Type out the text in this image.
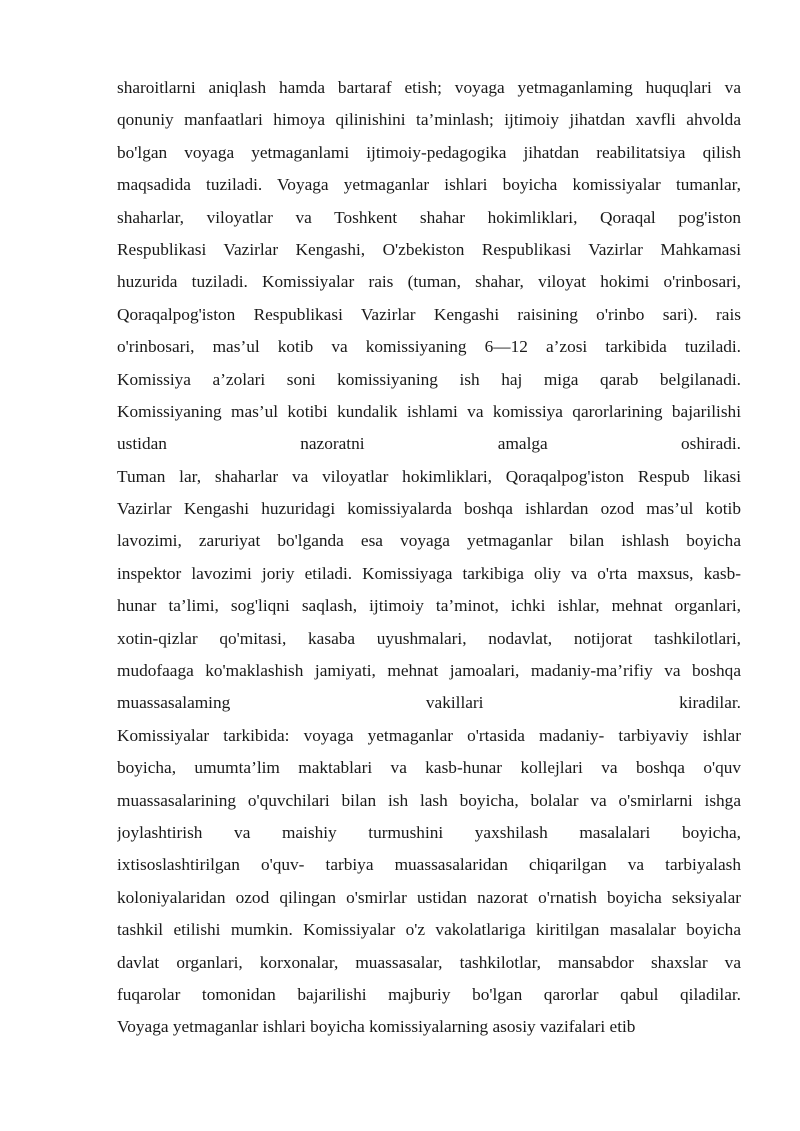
sharoitlarni aniqlash hamda bartaraf etish; voyaga yetmaganlaming huquqlari va
qonuniy manfaatlari himoya qilinishini ta’minlash; ijtimoiy jihatdan xavfli ahvolda
bo'lgan voyaga yetmaganlami ijtimoiy-pedagogika jihatdan reabilitatsiya qilish
maqsadida tuziladi. Voyaga yetmaganlar ishlari boyicha komissiyalar tumanlar,
shaharlar, viloyatlar va Toshkent shahar hokimliklari, Qoraqal pog'iston
Respublikasi Vazirlar Kengashi, O'zbekiston Respublikasi Vazirlar Mahkamasi
huzurida tuziladi. Komissiyalar rais (tuman, shahar, viloyat hokimi o'rinbosari,
Qoraqalpog'iston Respublikasi Vazirlar Kengashi raisining o'rinbo sari). rais
o'rinbosari, mas’ul kotib va komissiyaning 6—12 a’zosi tarkibida tuziladi.
Komissiya a’zolari soni komissiyaning ish haj miga qarab belgilanadi.
Komissiyaning mas’ul kotibi kundalik ishlami va komissiya qarorlarining bajarilishi
ustidan nazoratni amalga oshiradi.
Tuman lar, shaharlar va viloyatlar hokimliklari, Qoraqalpog'iston Respub likasi
Vazirlar Kengashi huzuridagi komissiyalarda boshqa ishlardan ozod mas’ul kotib
lavozimi, zaruriyat bo'lganda esa voyaga yetmaganlar bilan ishlash boyicha
inspektor lavozimi joriy etiladi. Komissiyaga tarkibiga oliy va o'rta maxsus, kasb-
hunar ta’limi, sog'liqni saqlash, ijtimoiy ta’minot, ichki ishlar, mehnat organlari,
xotin-qizlar qo'mitasi, kasaba uyushmalari, nodavlat, notijorat tashkilotlari,
mudofaaga ko'maklashish jamiyati, mehnat jamoalari, madaniy-ma’rifiy va boshqa
muassasalaming vakillari kiradilar.
Komissiyalar tarkibida: voyaga yetmaganlar o'rtasida madaniy- tarbiyaviy ishlar
boyicha, umumta’lim maktablari va kasb-hunar kollejlari va boshqa o'quv
muassasalarining o'quvchilari bilan ish lash boyicha, bolalar va o'smirlarni ishga
joylashtirish va maishiy turmushini yaxshilash masalalari boyicha,
ixtisoslashtirilgan o'quv- tarbiya muassasalaridan chiqarilgan va tarbiyalash
koloniyalaridan ozod qilingan o'smirlar ustidan nazorat o'rnatish boyicha seksiyalar
tashkil etilishi mumkin. Komissiyalar o'z vakolatlariga kiritilgan masalalar boyicha
davlat organlari, korxonalar, muassasalar, tashkilotlar, mansabdor shaxslar va
fuqarolar tomonidan bajarilishi majburiy bo'lgan qarorlar qabul qiladilar.
Voyaga yetmaganlar ishlari boyicha komissiyalarning asosiy vazifalari etib
